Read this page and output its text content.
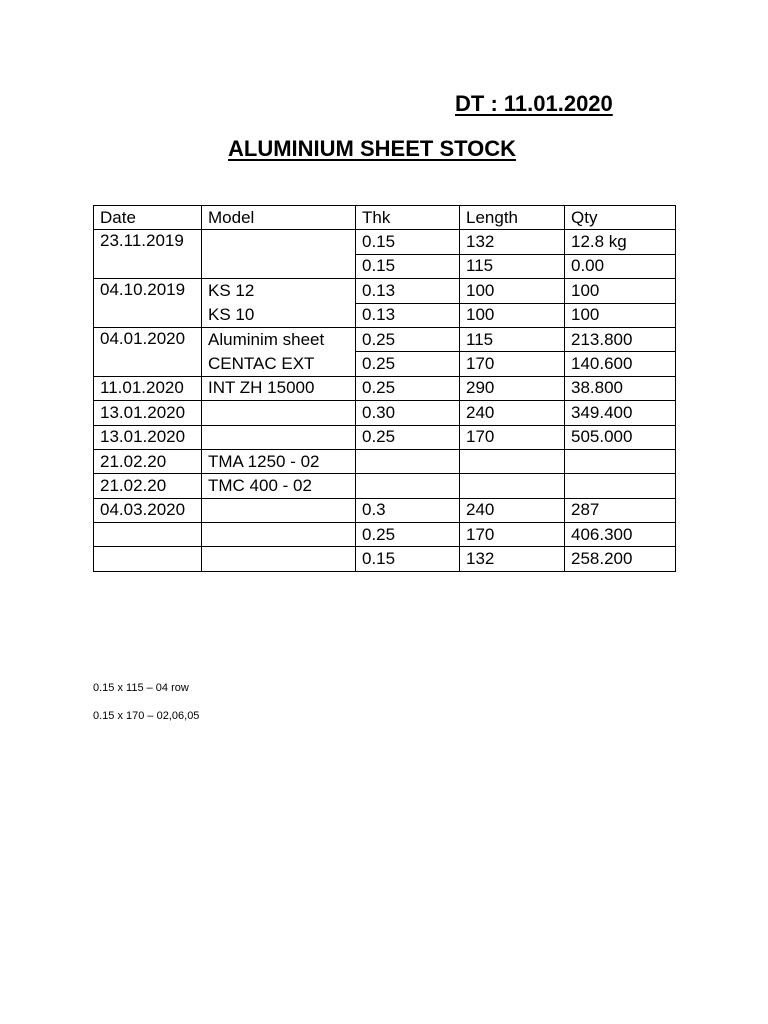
DT : 11.01.2020
ALUMINIUM SHEET STOCK
Date	Model	Thk	Length	Qty
23.11.2019		0.15	132	12.8 kg
		0.15	115	0.00
04.10.2019	KS 12	0.13	100	100
	KS 10	0.13	100	100
04.01.2020	Aluminim sheet	0.25	115	213.800
	CENTAC EXT	0.25	170	140.600
11.01.2020	INT ZH 15000	0.25	290	38.800
13.01.2020		0.30	240	349.400
13.01.2020		0.25	170	505.000
21.02.20	TMA 1250 - 02			
21.02.20	TMC 400 - 02			
04.03.2020		0.3	240	287
		0.25	170	406.300
		0.15	132	258.200
0.15 x 115 – 04 row
0.15 x 170 – 02,06,05
